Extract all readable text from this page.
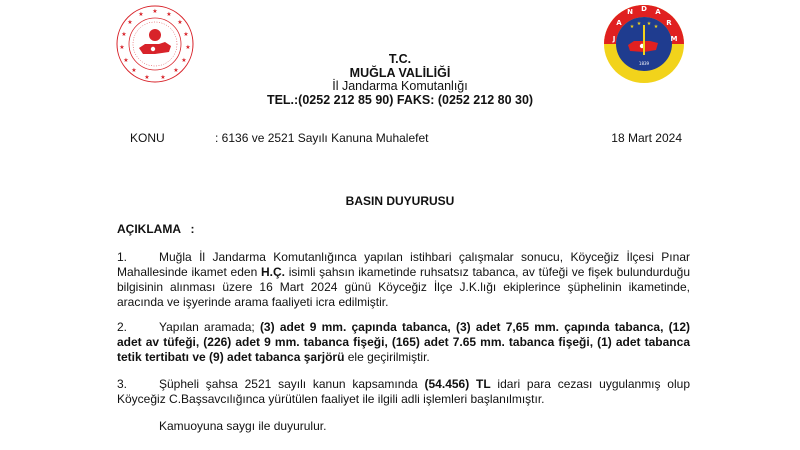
★ ★
★
★
★
★
★
★
★
★
★
★
★
★
★
J
A
N D A
R
M
★ ★ ★ ★
1839
T.C.
MUĞLA VALİLİĞİ
İl Jandarma Komutanlığı
TEL.:(0252 212 85 90) FAKS: (0252 212 80 30)
KONU	: 6136 ve 2521 Sayılı Kanuna Muhalefet	18 Mart 2024
BASIN DUYURUSU
AÇIKLAMA   :
1.	Muğla İl Jandarma Komutanlığınca yapılan istihbari çalışmalar sonucu, Köyceğiz İlçesi Pınar Mahallesinde ikamet eden H.Ç. isimli şahsın ikametinde ruhsatsız tabanca, av tüfeği ve fişek bulundurduğu bilgisinin alınması üzere 16 Mart 2024 günü Köyceğiz İlçe J.K.lığı ekiplerince şüphelinin ikametinde, aracında ve işyerinde arama faaliyeti icra edilmiştir.
2.	Yapılan aramada; (3) adet 9 mm. çapında tabanca, (3) adet 7,65 mm. çapında tabanca, (12) adet av tüfeği, (226) adet 9 mm. tabanca fişeği, (165) adet 7.65 mm. tabanca fişeği, (1) adet tabanca tetik tertibatı ve (9) adet tabanca şarjörü ele geçirilmiştir.
3.	Şüpheli şahsa 2521 sayılı kanun kapsamında (54.456) TL idari para cezası uygulanmış olup Köyceğiz C.Başsavcılığınca yürütülen faaliyet ile ilgili adli işlemleri başlanılmıştır.
Kamuoyuna saygı ile duyurulur.
